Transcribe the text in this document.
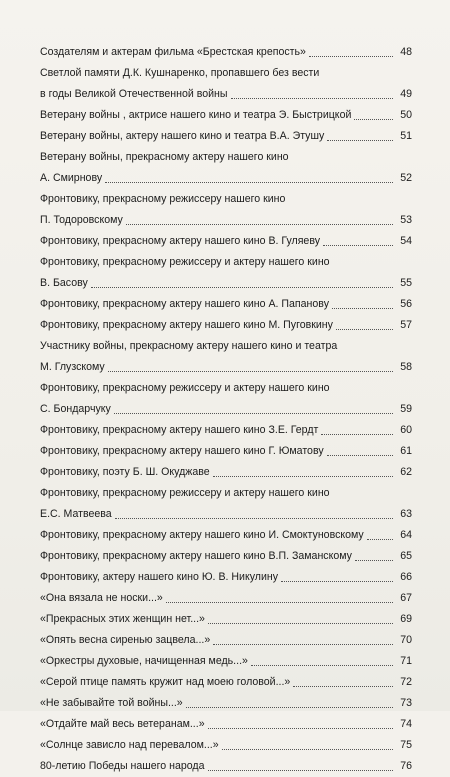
Создателям и актерам фильма «Брестская крепость»	48
Светлой памяти Д.К. Кушнаренко, пропавшего без вести
в годы Великой Отечественной войны	49
Ветерану войны , актрисе нашего кино и театра Э. Быстрицкой	50
Ветерану войны, актеру нашего кино и театра В.А. Этушу	51
Ветерану войны, прекрасному актеру нашего кино
А. Смирнову	52
Фронтовику, прекрасному режиссеру нашего кино
П. Тодоровскому	53
Фронтовику, прекрасному актеру нашего кино В. Гуляеву	54
Фронтовику, прекрасному режиссеру и актеру нашего кино
В. Басову	55
Фронтовику, прекрасному актеру нашего кино А. Папанову	56
Фронтовику, прекрасному актеру нашего кино М. Пуговкину	57
Участнику войны, прекрасному актеру нашего кино и театра
М. Глузскому	58
Фронтовику, прекрасному режиссеру и актеру нашего кино
С. Бондарчуку	59
Фронтовику, прекрасному актеру нашего кино З.Е. Гердт	60
Фронтовику, прекрасному актеру нашего кино Г. Юматову	61
Фронтовику, поэту Б. Ш. Окуджаве	62
Фронтовику, прекрасному режиссеру и актеру нашего кино
Е.С. Матвеева	63
Фронтовику, прекрасному актеру нашего кино И. Смоктуновскому	64
Фронтовику, прекрасному актеру нашего кино В.П. Заманскому	65
Фронтовику, актеру нашего кино Ю. В. Никулину	66
«Она вязала не носки...»	67
«Прекрасных этих женщин нет...»	69
«Опять весна сиренью зацвела...»	70
«Оркестры духовые, начищенная медь...»	71
«Серой птице память кружит над моею головой...»	72
«Не забывайте той войны...»	73
«Отдайте май весь ветеранам...»	74
«Солнце зависло над перевалом...»	75
80-летию Победы нашего народа	76
